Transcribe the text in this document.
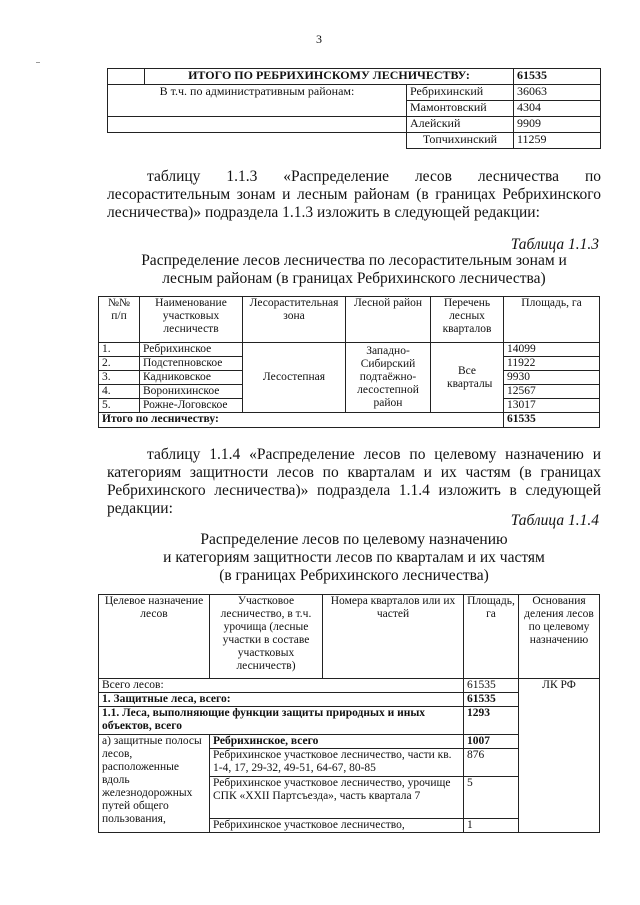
3
	ИТОГО ПО РЕБРИХИНСКОМУ ЛЕСНИЧЕСТВУ:		61535
В т.ч. по административным районам:		Ребрихинский	36063
		Мамонтовский	4304
		Алейский	9909
		Топчихинский	11259
таблицу 1.1.3 «Распределение лесов лесничества по лесорастительным зонам и лесным районам (в границах Ребрихинского лесничества)» подраздела 1.1.3 изложить в следующей редакции:
Таблица 1.1.3
Распределение лесов лесничества по лесорастительным зонам и лесным районам (в границах Ребрихинского лесничества)
№№ п/п	Наименование участковых лесничеств	Лесорастительная зона	Лесной район	Перечень лесных кварталов	Площадь, га
1.	Ребрихинское	Лесостепная	Западно-Сибирский подтаёжно-лесостепной район	Все кварталы	14099
2.	Подстепновское				11922
3.	Кадниковское				9930
4.	Воронихинское				12567
5.	Рожне-Логовское				13017
Итого по лесничеству:					61535
таблицу 1.1.4 «Распределение лесов по целевому назначению и категориям защитности лесов по кварталам и их частям (в границах Ребрихинского лесничества)» подраздела 1.1.4 изложить в следующей редакции:
Таблица 1.1.4
Распределение лесов по целевому назначению
и категориям защитности лесов по кварталам и их частям
(в границах Ребрихинского лесничества)
Целевое назначение лесов	Участковое лесничество, в т.ч. урочища (лесные участки в составе участковых лесничеств)	Номера кварталов или их частей	Площадь, га	Основания деления лесов по целевому назначению
Всего лесов:			61535	ЛК РФ
1. Защитные леса, всего:			61535	
1.1. Леса, выполняющие функции защиты природных и иных объектов, всего			1293	
а) защитные полосы лесов, расположенные вдоль железнодорожных путей общего пользования,	Ребрихинское, всего		1007	
	Ребрихинское участковое лесничество, части кв. 1-4, 17, 29-32, 49-51, 64-67, 80-85		876	
	Ребрихинское участковое лесничество, урочище СПК «XXII Партсъезда», часть квартала 7		5	
	Ребрихинское участковое лесничество,		1	
